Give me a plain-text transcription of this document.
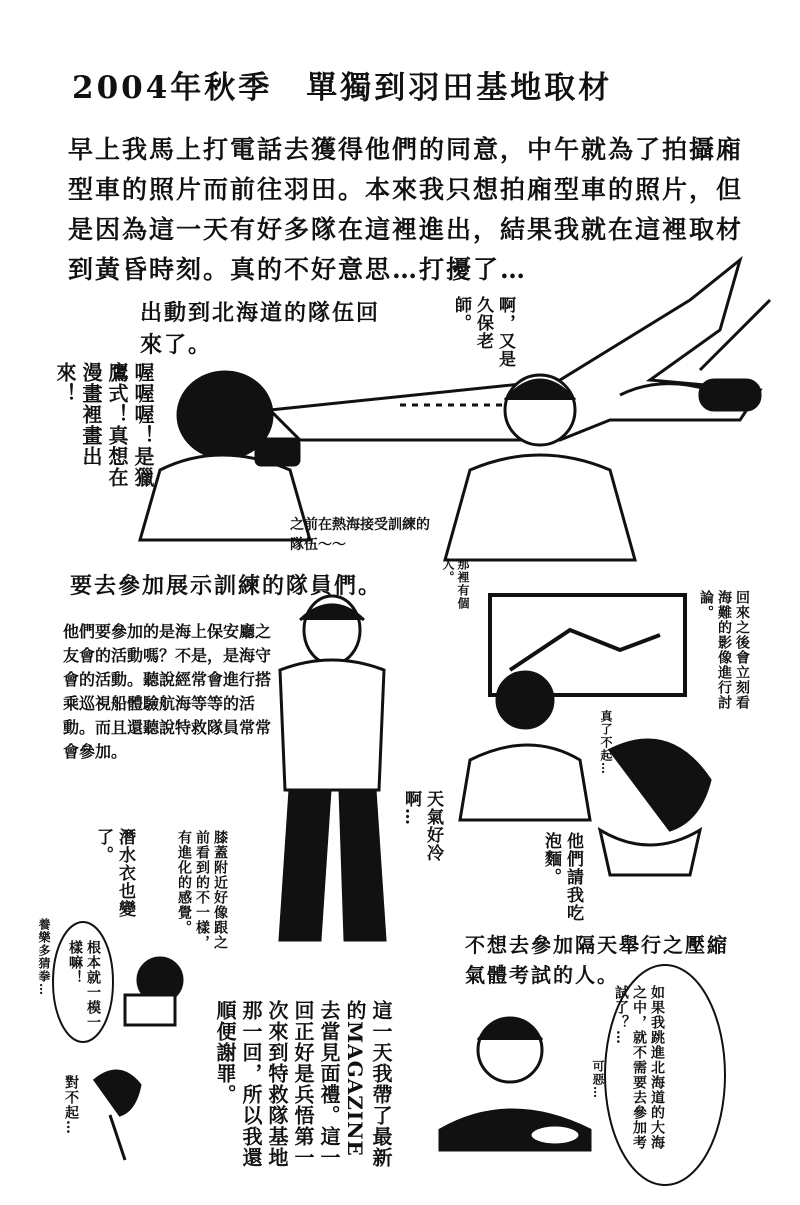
2004年秋季　單獨到羽田基地取材
早上我馬上打電話去獲得他們的同意，中午就為了拍攝廂型車的照片而前往羽田。本來我只想拍廂型車的照片，但是因為這一天有好多隊在這裡進出，結果我就在這裡取材到黃昏時刻。真的不好意思…打擾了…
出動到北海道的隊伍回來了。	啊，又是久保老師。
喔喔喔！是獵鷹式！真想在漫畫裡畫出來！
之前在熱海接受訓練的隊伍～～
要去參加展示訓練的隊員們。	那裡有個人。
他們要參加的是海上保安廳之友會的活動嗎？不是，是海守會的活動。聽說經常會進行搭乘巡視船體驗航海等等的活動。而且還聽說特救隊員常常會參加。
回來之後會立刻看海難的影像進行討論。
真了不起…
天氣好冷啊…
膝蓋附近好像跟之前看到的不一樣，有進化的感覺。
潛水衣也變了。	他們請我吃泡麵。
根本就一模一樣嘛！
養樂多猜拳…
對不起…
不想去參加隔天舉行之壓縮氣體考試的人。
如果我跳進北海道的大海之中，就不需要去參加考試了？…
可惡…
這一天我帶了最新的MAGAZINE去當見面禮。這一回正好是兵悟第一次來到特救隊基地那一回，所以我還順便謝罪。
